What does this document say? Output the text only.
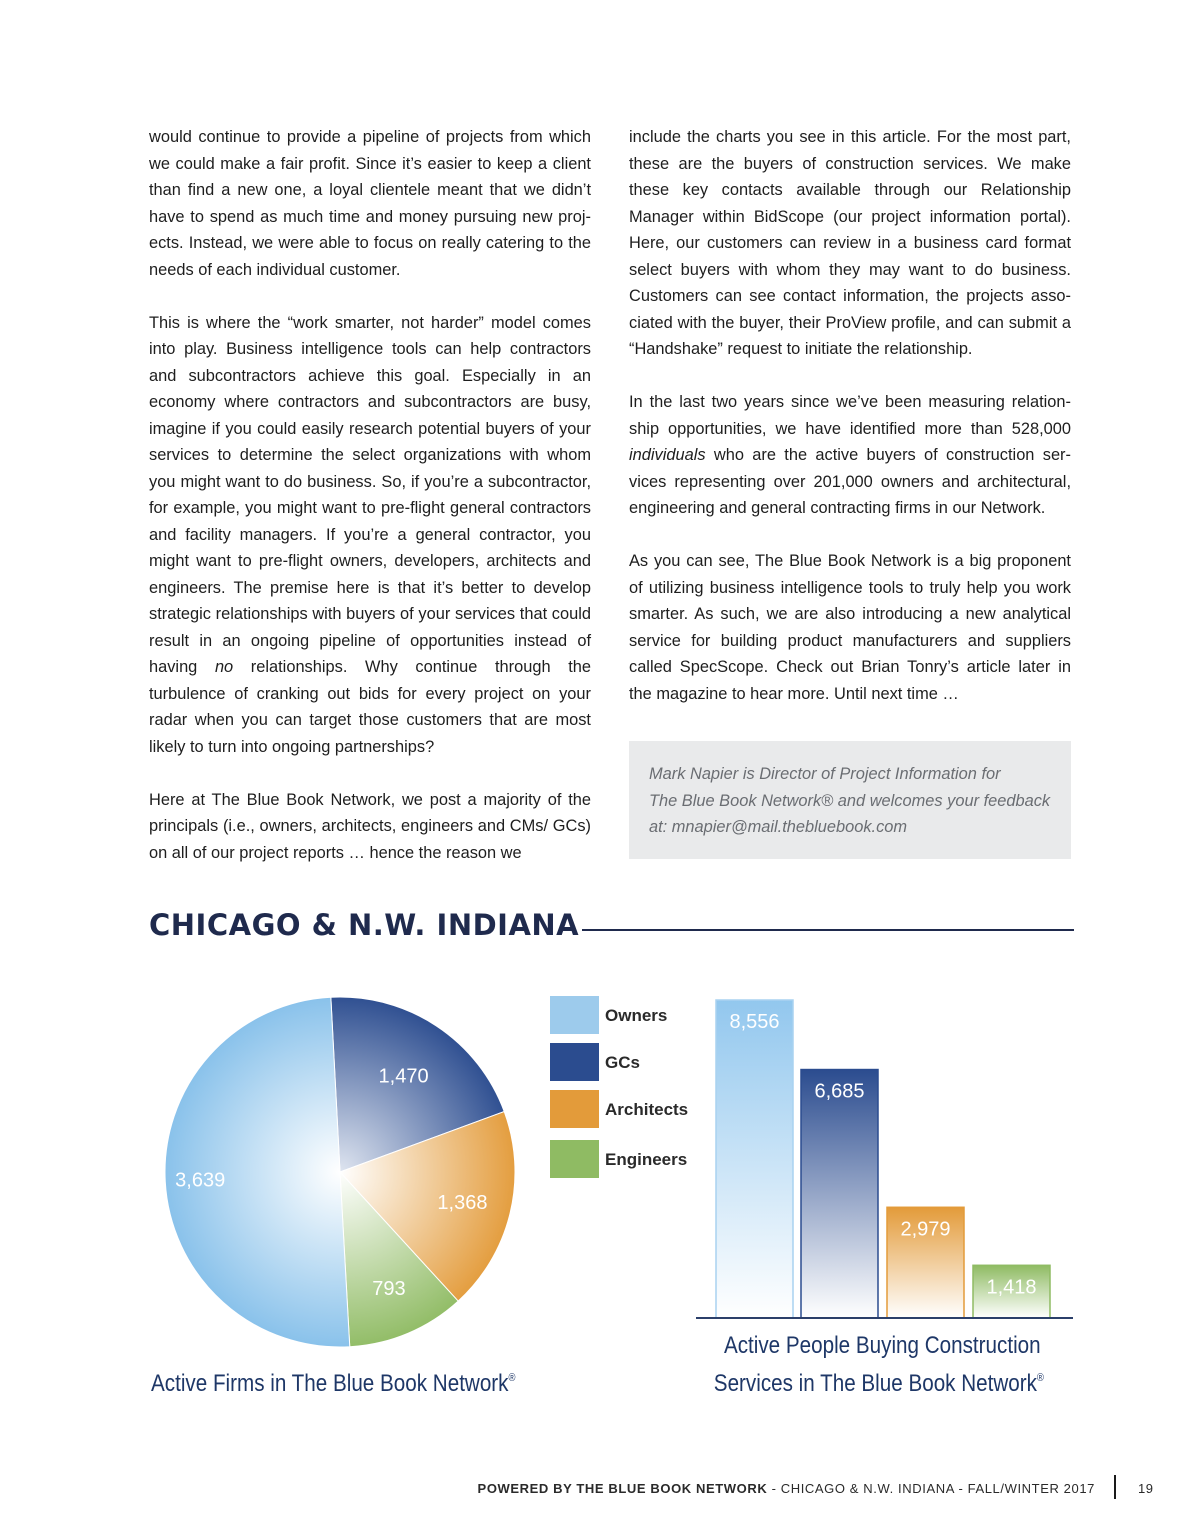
would continue to provide a pipeline of projects from which we could make a fair profit. Since it’s easier to keep a client than find a new one, a loyal clientele meant that we didn’t have to spend as much time and money pursuing new projects. Instead, we were able to focus on really catering to the needs of each individual customer.

This is where the “work smarter, not harder” model comes into play. Business intelligence tools can help contractors and subcontractors achieve this goal. Especially in an economy where contractors and subcontractors are busy, imagine if you could easily research potential buyers of your services to determine the select organizations with whom you might want to do business. So, if you’re a subcontractor, for example, you might want to pre-flight general contractors and facility managers. If you’re a general contractor, you might want to pre-flight owners, developers, architects and engineers. The premise here is that it’s better to develop strategic relationships with buyers of your services that could result in an ongoing pipeline of opportunities instead of having no relationships. Why continue through the turbulence of cranking out bids for every project on your radar when you can target those customers that are most likely to turn into ongoing partnerships?

Here at The Blue Book Network, we post a majority of the principals (i.e., owners, architects, engineers and CMs/ GCs) on all of our project reports … hence the reason we

include the charts you see in this article. For the most part, these are the buyers of construction services. We make these key contacts available through our Relationship Manager within BidScope (our project information portal). Here, our customers can review in a business card format select buyers with whom they may want to do business. Customers can see contact information, the projects associated with the buyer, their ProView profile, and can submit a “Handshake” request to initiate the relationship.

In the last two years since we’ve been measuring relationship opportunities, we have identified more than 528,000 individuals who are the active buyers of construction services representing over 201,000 owners and architectural, engineering and general contracting firms in our Network.

As you can see, The Blue Book Network is a big proponent of utilizing business intelligence tools to truly help you work smarter. As such, we are also introducing a new analytical service for building product manufacturers and suppliers called SpecScope. Check out Brian Tonry’s article later in the magazine to hear more. Until next time …

Mark Napier is Director of Project Information for
The Blue Book Network® and welcomes your feedback
at: mnapier@mail.thebluebook.com
CHICAGO & N.W. INDIANA
1,470
1,368
793
3,639
Owners
GCs
Architects
Engineers
8,556
6,685
2,979
1,418
Active Firms in The Blue Book Network®
Active People Buying Construction
Services in The Blue Book Network®
POWERED BY THE BLUE BOOK NETWORK - CHICAGO & N.W. INDIANA - FALL/WINTER 2017	19
